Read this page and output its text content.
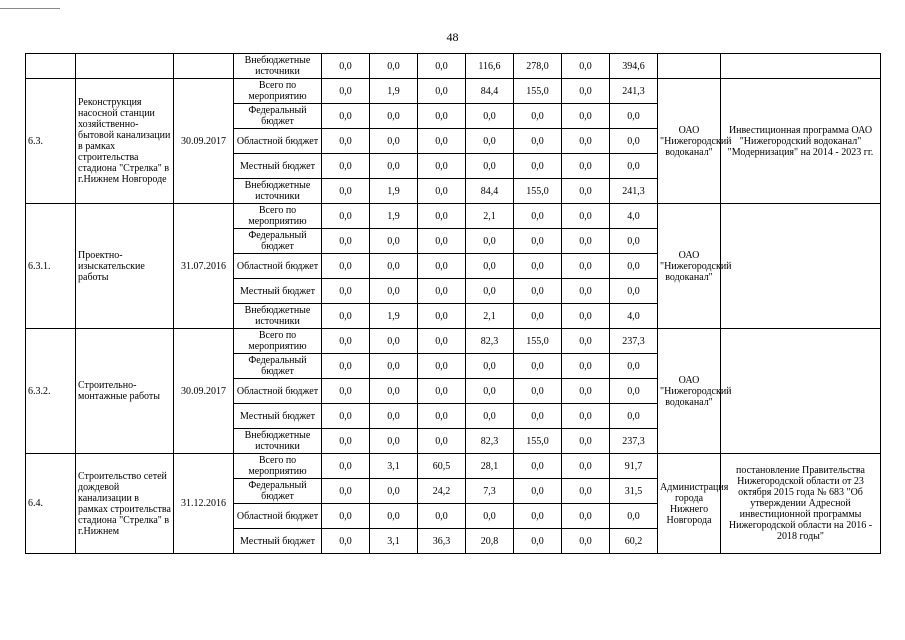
48
			Внебюджетные источники	0,0	0,0	0,0	116,6	278,0	0,0	394,6		
6.3.	Реконструкция насосной станции хозяйственно-бытовой канализации в рамках строительства стадиона "Стрелка" в г.Нижнем Новгороде	30.09.2017	Всего по мероприятию	0,0	1,9	0,0	84,4	155,0	0,0	241,3	ОАО "Нижегородский водоканал"	Инвестиционная программа ОАО "Нижегородский водоканал" "Модернизация" на 2014 - 2023 гг.
			Федеральный бюджет	0,0	0,0	0,0	0,0	0,0	0,0	0,0		
			Областной бюджет	0,0	0,0	0,0	0,0	0,0	0,0	0,0		
			Местный бюджет	0,0	0,0	0,0	0,0	0,0	0,0	0,0		
			Внебюджетные источники	0,0	1,9	0,0	84,4	155,0	0,0	241,3		
6.3.1.	Проектно-изыскательские работы	31.07.2016	Всего по мероприятию	0,0	1,9	0,0	2,1	0,0	0,0	4,0	ОАО "Нижегородский водоканал"	
			Федеральный бюджет	0,0	0,0	0,0	0,0	0,0	0,0	0,0		
			Областной бюджет	0,0	0,0	0,0	0,0	0,0	0,0	0,0		
			Местный бюджет	0,0	0,0	0,0	0,0	0,0	0,0	0,0		
			Внебюджетные источники	0,0	1,9	0,0	2,1	0,0	0,0	4,0		
6.3.2.	Строительно-монтажные работы	30.09.2017	Всего по мероприятию	0,0	0,0	0,0	82,3	155,0	0,0	237,3	ОАО "Нижегородский водоканал"	
			Федеральный бюджет	0,0	0,0	0,0	0,0	0,0	0,0	0,0		
			Областной бюджет	0,0	0,0	0,0	0,0	0,0	0,0	0,0		
			Местный бюджет	0,0	0,0	0,0	0,0	0,0	0,0	0,0		
			Внебюджетные источники	0,0	0,0	0,0	82,3	155,0	0,0	237,3		
6.4.	Строительство сетей дождевой канализации в рамках строительства стадиона "Стрелка" в г.Нижнем	31.12.2016	Всего по мероприятию	0,0	3,1	60,5	28,1	0,0	0,0	91,7	Администрация города Нижнего Новгорода	постановление Правительства Нижегородской области от 23 октября 2015 года № 683 "Об утверждении Адресной инвестиционной программы Нижегородской области на 2016 - 2018 годы"
			Федеральный бюджет	0,0	0,0	24,2	7,3	0,0	0,0	31,5		
			Областной бюджет	0,0	0,0	0,0	0,0	0,0	0,0	0,0		
			Местный бюджет	0,0	3,1	36,3	20,8	0,0	0,0	60,2		
